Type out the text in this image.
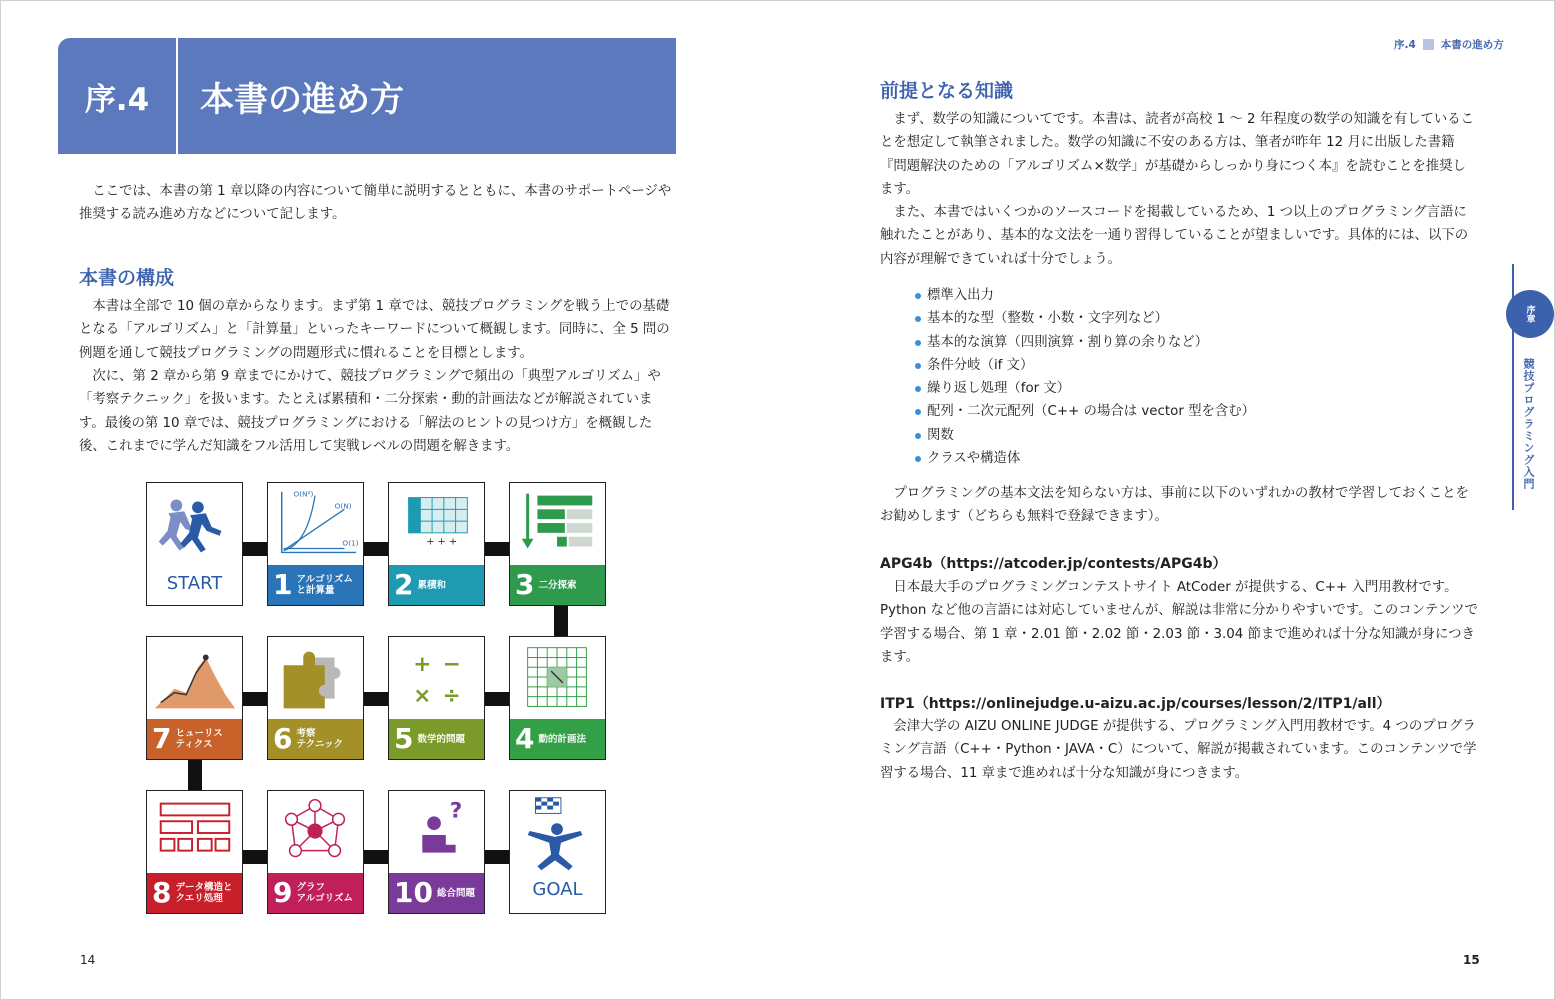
序.4	本書の進め方

ここでは、本書の第 1 章以降の内容について簡単に説明するとともに、本書のサポートページや推奨する読み進め方などについて記します。

本書の構成

本書は全部で 10 個の章からなります。まず第 1 章では、競技プログラミングを戦う上での基礎となる「アルゴリズム」と「計算量」といったキーワードについて概観します。同時に、全 5 問の例題を通して競技プログラミングの問題形式に慣れることを目標とします。

次に、第 2 章から第 9 章までにかけて、競技プログラミングで頻出の「典型アルゴリズム」や「考察テクニック」を扱います。たとえば累積和・二分探索・動的計画法などが解説されています。最後の第 10 章では、競技プログラミングにおける「解法のヒントの見つけ方」を概観した後、これまでに学んだ知識をフル活用して実戦レベルの問題を解きます。

START
O(N²)
O(N)
O(1)
1 アルゴリズム
と計算量
+ + +
2 累積和 3 二分探索
7 ヒューリス
ティクス	6 考察
テクニック
+ −
× ÷
5 数学的問題 4 動的計画法
8 データ構造と
クエリ処理	9 グラフ
アルゴリズム
?
10 総合問題	GOAL
14
序.4 本書の進め方
前提となる知識

まず、数学の知識についてです。本書は、読者が高校 1 〜 2 年程度の数学の知識を有していることを想定して執筆されました。数学の知識に不安のある方は、筆者が昨年 12 月に出版した書籍『問題解決のための「アルゴリズム×数学」が基礎からしっかり身につく本』を読むことを推奨します。

また、本書ではいくつかのソースコードを掲載しているため、1 つ以上のプログラミング言語に触れたことがあり、基本的な文法を一通り習得していることが望ましいです。具体的には、以下の内容が理解できていれば十分でしょう。

標準入出力
基本的な型（整数・小数・文字列など）
基本的な演算（四則演算・割り算の余りなど）
条件分岐（if 文）
繰り返し処理（for 文）
配列・二次元配列（C++ の場合は vector 型を含む）
関数
クラスや構造体

プログラミングの基本文法を知らない方は、事前に以下のいずれかの教材で学習しておくことをお勧めします（どちらも無料で登録できます）。

APG4b（https://atcoder.jp/contests/APG4b）

日本最大手のプログラミングコンテストサイト AtCoder が提供する、C++ 入門用教材です。Python など他の言語には対応していませんが、解説は非常に分かりやすいです。このコンテンツで学習する場合、第 1 章・2.01 節・2.02 節・2.03 節・3.04 節まで進めれば十分な知識が身につきます。

ITP1（https://onlinejudge.u-aizu.ac.jp/courses/lesson/2/ITP1/all）

会津大学の AIZU ONLINE JUDGE が提供する、プログラミング入門用教材です。4 つのプログラミング言語（C++・Python・JAVA・C）について、解説が掲載されています。このコンテンツで学習する場合、11 章まで進めれば十分な知識が身につきます。

序章
競技プログラミング入門
15
